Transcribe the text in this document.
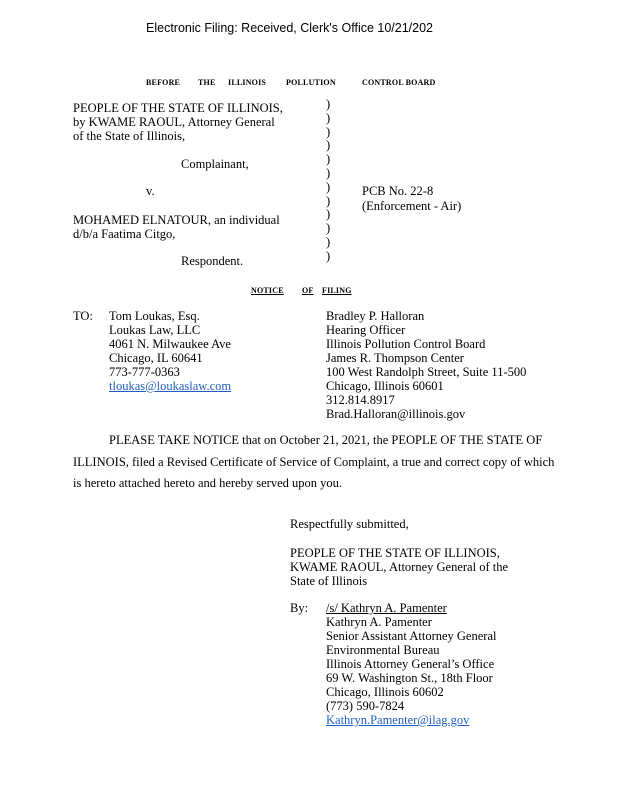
Electronic Filing: Received, Clerk's Office 10/21/202
BEFORE THE ILLINOIS POLLUTION	CONTROL BOARD
PEOPLE OF THE STATE OF ILLINOIS,
by KWAME RAOUL, Attorney General
of the State of Illinois,
Complainant,
v.
MOHAMED ELNATOUR, an individual
d/b/a Faatima Citgo,
Respondent.
)
)
)
)
)
)
)
)
)
)
)
)
PCB No. 22-8
(Enforcement - Air)
NOTICE OF FILING
TO: Tom Loukas, Esq.
Loukas Law, LLC
4061 N. Milwaukee Ave
Chicago, IL 60641
773-777-0363
tloukas@loukaslaw.com
Bradley P. Halloran
Hearing Officer
Illinois Pollution Control Board
James R. Thompson Center
100 West Randolph Street, Suite 11-500
Chicago, Illinois 60601
312.814.8917
Brad.Halloran@illinois.gov
PLEASE TAKE NOTICE that on October 21, 2021, the PEOPLE OF THE STATE OF
ILLINOIS, filed a Revised Certificate of Service of Complaint, a true and correct copy of which
is hereto attached hereto and hereby served upon you.
Respectfully submitted,
PEOPLE OF THE STATE OF ILLINOIS,
KWAME RAOUL, Attorney General of the
State of Illinois
By: /s/ Kathryn A. Pamenter
Kathryn A. Pamenter
Senior Assistant Attorney General
Environmental Bureau
Illinois Attorney General’s Office
69 W. Washington St., 18th Floor
Chicago, Illinois 60602
(773) 590-7824
Kathryn.Pamenter@ilag.gov
